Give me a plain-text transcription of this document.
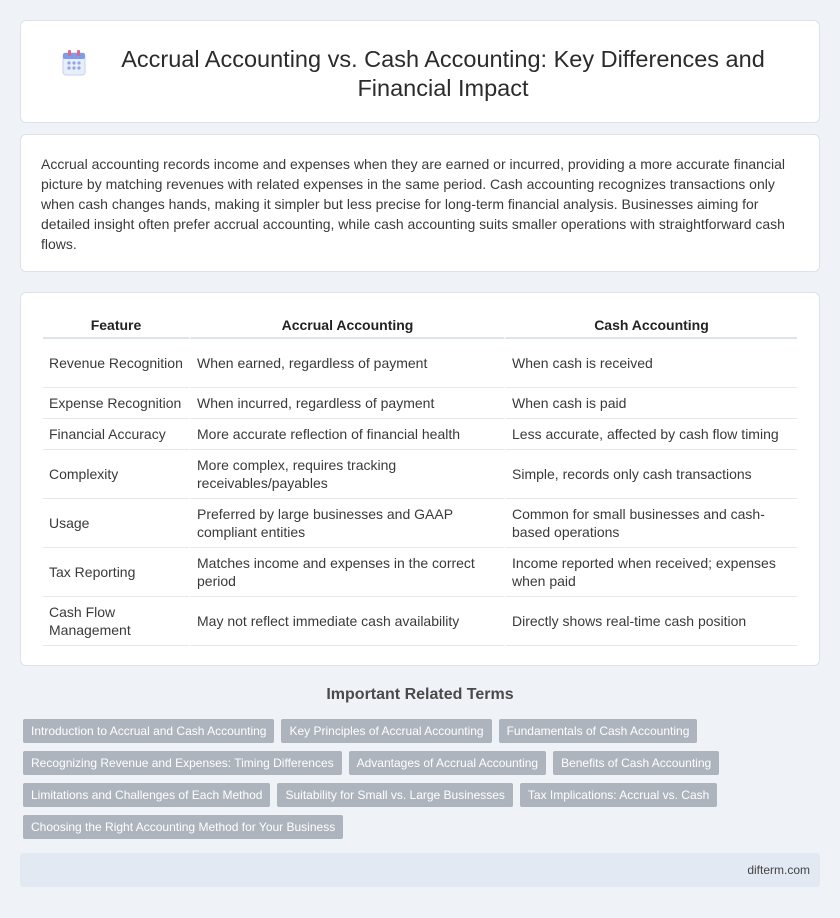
Accrual Accounting vs. Cash Accounting: Key Differences and Financial Impact

Accrual accounting records income and expenses when they are earned or incurred, providing a more accurate financial picture by matching revenues with related expenses in the same period. Cash accounting recognizes transactions only when cash changes hands, making it simpler but less precise for long-term financial analysis. Businesses aiming for detailed insight often prefer accrual accounting, while cash accounting suits smaller operations with straightforward cash flows.

Feature	Accrual Accounting	Cash Accounting
Revenue Recognition	When earned, regardless of payment	When cash is received
Expense Recognition	When incurred, regardless of payment	When cash is paid
Financial Accuracy	More accurate reflection of financial health	Less accurate, affected by cash flow timing
Complexity	More complex, requires tracking receivables/payables	Simple, records only cash transactions
Usage	Preferred by large businesses and GAAP compliant entities	Common for small businesses and cash-based operations
Tax Reporting	Matches income and expenses in the correct period	Income reported when received; expenses when paid
Cash Flow Management	May not reflect immediate cash availability	Directly shows real-time cash position
Important Related Terms
Introduction to Accrual and Cash Accounting	Key Principles of Accrual Accounting	Fundamentals of Cash Accounting
Recognizing Revenue and Expenses: Timing Differences	Advantages of Accrual Accounting	Benefits of Cash Accounting
Limitations and Challenges of Each Method	Suitability for Small vs. Large Businesses	Tax Implications: Accrual vs. Cash
Choosing the Right Accounting Method for Your Business
difterm.com
